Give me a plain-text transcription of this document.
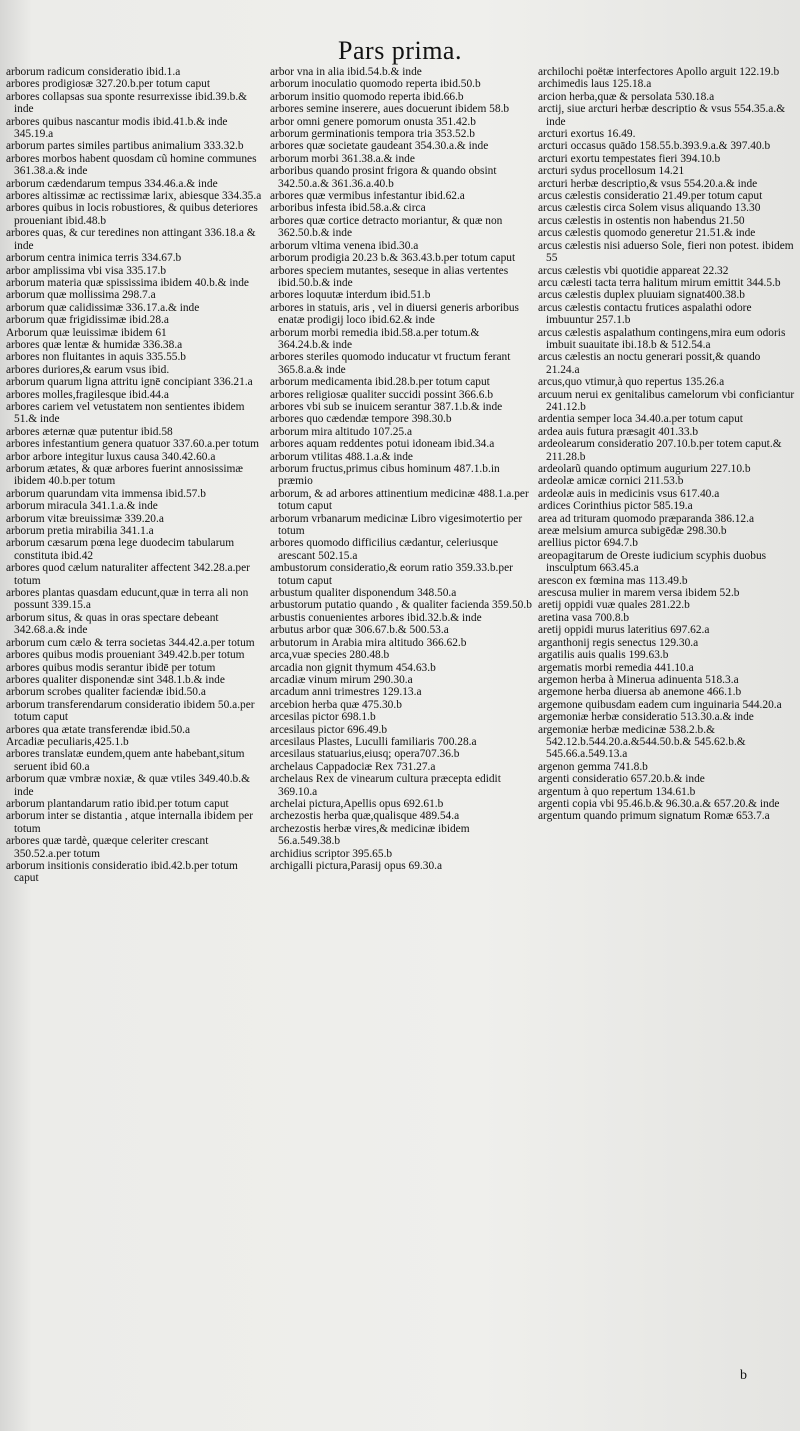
Pars prima.

arborum radicum consideratio ibid.1.a

arbores prodigiosæ 327.20.b.per totum caput

arbores collapsas sua sponte resurrexisse ibid.39.b.& inde

arbores quibus nascantur modis ibid.41.b.& inde 345.19.a

arborum partes similes partibus animalium 333.32.b

arbores morbos habent quosdam cũ homine communes 361.38.a.& inde

arborum cædendarum tempus 334.46.a.& inde

arbores altissimæ ac rectissimæ larix, abiesque 334.35.a

arbores quibus in locis robustiores, & quibus deteriores proueniant ibid.48.b

arbores quas, & cur teredines non attingant 336.18.a & inde

arborum centra inimica terris 334.67.b

arbor amplissima vbi visa 335.17.b

arborum materia quæ spississima ibidem 40.b.& inde

arborum quæ mollissima 298.7.a

arborum quæ calidissimæ 336.17.a.& inde

arborum quæ frigidissimæ ibid.28.a

Arborum quæ leuissimæ ibidem 61

arbores quæ lentæ & humidæ 336.38.a

arbores non fluitantes in aquis 335.55.b

arbores duriores,& earum vsus ibid.

arborum quarum ligna attritu ignē concipiant 336.21.a

arbores molles,fragilesque ibid.44.a

arbores cariem vel vetustatem non sentientes ibidem 51.& inde

arbores æternæ quæ putentur ibid.58

arbores infestantium genera quatuor 337.60.a.per totum

arbor arbore integitur luxus causa 340.42.60.a

arborum ætates, & quæ arbores fuerint annosissimæ ibidem 40.b.per totum

arborum quarundam vita immensa ibid.57.b

arborum miracula 341.1.a.& inde

arborum vitæ breuissimæ 339.20.a

arborum pretia mirabilia 341.1.a

arborum cæsarum pœna lege duodecim tabularum constituta ibid.42

arbores quod cælum naturaliter affectent 342.28.a.per totum

arbores plantas quasdam educunt,quæ in terra ali non possunt 339.15.a

arborum situs, & quas in oras spectare debeant 342.68.a.& inde

arborum cum cælo & terra societas 344.42.a.per totum

arbores quibus modis proueniant 349.42.b.per totum

arbores quibus modis serantur ibidē per totum

arbores qualiter disponendæ sint 348.1.b.& inde

arborum scrobes qualiter faciendæ ibid.50.a

arborum transferendarum consideratio ibidem 50.a.per totum caput

arbores qua ætate transferendæ ibid.50.a

Arcadiæ peculiaris,425.1.b

arbores translatæ eundem,quem ante habebant,situm seruent ibid 60.a

arborum quæ vmbræ noxiæ, & quæ vtiles 349.40.b.& inde

arborum plantandarum ratio ibid.per totum caput

arborum inter se distantia , atque internalla ibidem per totum

arbores quæ tardè, quæque celeriter crescant 350.52.a.per totum

arborum insitionis consideratio ibid.42.b.per totum caput

arbor vna in alia ibid.54.b.& inde

arborum inoculatio quomodo reperta ibid.50.b

arborum insitio quomodo reperta ibid.66.b

arbores semine inserere, aues docuerunt ibidem 58.b

arbor omni genere pomorum onusta 351.42.b

arborum germinationis tempora tria 353.52.b

arbores quæ societate gaudeant 354.30.a.& inde

arborum morbi 361.38.a.& inde

arboribus quando prosint frigora & quando obsint 342.50.a.& 361.36.a.40.b

arbores quæ vermibus infestantur ibid.62.a

arboribus infesta ibid.58.a.& circa

arbores quæ cortice detracto moriantur, & quæ non 362.50.b.& inde

arborum vltima venena ibid.30.a

arborum prodigia 20.23 b.& 363.43.b.per totum caput

arbores speciem mutantes, seseque in alias vertentes ibid.50.b.& inde

arbores loquutæ interdum ibid.51.b

arbores in statuis, aris , vel in diuersi generis arboribus enatæ prodigij loco ibid.62.& inde

arborum morbi remedia ibid.58.a.per totum.& 364.24.b.& inde

arbores steriles quomodo inducatur vt fructum ferant 365.8.a.& inde

arborum medicamenta ibid.28.b.per totum caput

arbores religiosæ qualiter succidi possint 366.6.b

arbores vbi sub se inuicem serantur 387.1.b.& inde

arbores quo cædendæ tempore 398.30.b

arborum mira altitudo 107.25.a

arbores aquam reddentes potui idoneam ibid.34.a

arborum vtilitas 488.1.a.& inde

arborum fructus,primus cibus hominum 487.1.b.in præmio

arborum, & ad arbores attinentium medicinæ 488.1.a.per totum caput

arborum vrbanarum medicinæ Libro vigesimotertio per totum

arbores quomodo difficilius cædantur, celeriusque arescant 502.15.a

ambustorum consideratio,& eorum ratio 359.33.b.per totum caput

arbustum qualiter disponendum 348.50.a

arbustorum putatio quando , & qualiter facienda 359.50.b

arbustis conuenientes arbores ibid.32.b.& inde

arbutus arbor quæ 306.67.b.& 500.53.a

arbutorum in Arabia mira altitudo 366.62.b

arca,vuæ species 280.48.b

arcadia non gignit thymum 454.63.b

arcadiæ vinum mirum 290.30.a

arcadum anni trimestres 129.13.a

arcebion herba quæ 475.30.b

arcesilas pictor 698.1.b

arcesilaus pictor 696.49.b

arcesilaus Plastes, Luculli familiaris 700.28.a

arcesilaus statuarius,eiusq; opera707.36.b

archelaus Cappadociæ Rex 731.27.a

archelaus Rex de vinearum cultura præcepta edidit 369.10.a

archelai pictura,Apellis opus 692.61.b

archezostis herba quæ,qualisque 489.54.a

archezostis herbæ vires,& medicinæ ibidem 56.a.549.38.b

archidius scriptor 395.65.b

archigalli pictura,Parasij opus 69.30.a

archilochi poëtæ interfectores Apollo arguit 122.19.b

archimedis laus 125.18.a

arcion herba,quæ & persolata 530.18.a

arctij, siue arcturi herbæ descriptio & vsus 554.35.a.& inde

arcturi exortus 16.49.

arcturi occasus quādo 158.55.b.393.9.a.& 397.40.b

arcturi exortu tempestates fieri 394.10.b

arcturi sydus procellosum 14.21

arcturi herbæ descriptio,& vsus 554.20.a.& inde

arcus cælestis consideratio 21.49.per totum caput

arcus cælestis circa Solem visus aliquando 13.30

arcus cælestis in ostentis non habendus 21.50

arcus cælestis quomodo generetur 21.51.& inde

arcus cælestis nisi aduerso Sole, fieri non potest. ibidem 55

arcus cælestis vbi quotidie appareat 22.32

arcu cælesti tacta terra halitum mirum emittit 344.5.b

arcus cælestis duplex pluuiam signat400.38.b

arcus cælestis contactu frutices aspalathi odore imbuuntur 257.1.b

arcus cælestis aspalathum contingens,mira eum odoris imbuit suauitate ibi.18.b & 512.54.a

arcus cælestis an noctu generari possit,& quando 21.24.a

arcus,quo vtimur,à quo repertus 135.26.a

arcuum nerui ex genitalibus camelorum vbi conficiantur 241.12.b

ardentia semper loca 34.40.a.per totum caput

ardea auis futura præsagit 401.33.b

ardeolearum consideratio 207.10.b.per totem caput.& 211.28.b

ardeolarũ quando optimum augurium 227.10.b

ardeolæ amicæ cornici 211.53.b

ardeolæ auis in medicinis vsus 617.40.a

ardices Corinthius pictor 585.19.a

area ad trituram quomodo præparanda 386.12.a

areæ melsium amurca subigēdæ 298.30.b

arellius pictor 694.7.b

areopagitarum de Oreste iudicium scyphis duobus insculptum 663.45.a

arescon ex fœmina mas 113.49.b

arescusa mulier in marem versa ibidem 52.b

aretij oppidi vuæ quales 281.22.b

aretina vasa 700.8.b

aretij oppidi murus lateritius 697.62.a

arganthonij regis senectus 129.30.a

argatilis auis qualis 199.63.b

argematis morbi remedia 441.10.a

argemon herba à Minerua adinuenta 518.3.a

argemone herba diuersa ab anemone 466.1.b

argemone quibusdam eadem cum inguinaria 544.20.a

argemoniæ herbæ consideratio 513.30.a.& inde

argemoniæ herbæ medicinæ 538.2.b.& 542.12.b.544.20.a.&544.50.b.& 545.62.b.& 545.66.a.549.13.a

argenon gemma 741.8.b

argenti consideratio 657.20.b.& inde

argentum à quo repertum 134.61.b

argenti copia vbi 95.46.b.& 96.30.a.& 657.20.& inde

argentum quando primum signatum Romæ 653.7.a

b
